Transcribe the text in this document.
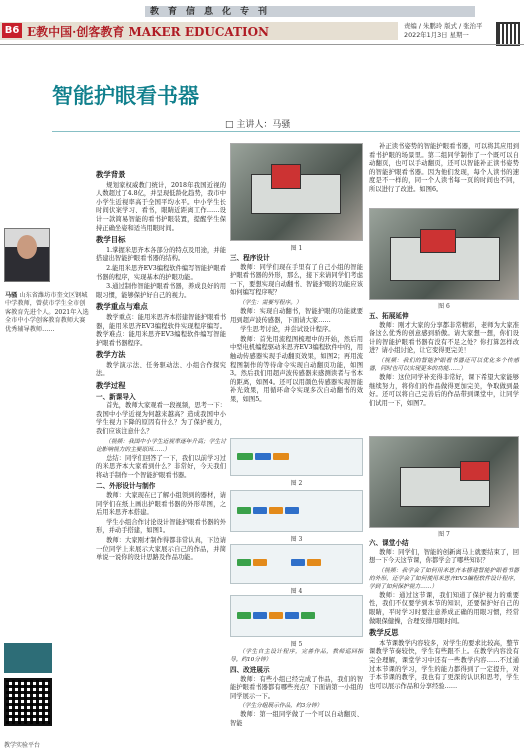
教育信息化专刊
B6 E教中国·创客教育 MAKER EDUCATION	责编 / 朱鹏玲 版式 / 张治平
2022年1月3日 星期一
智能护眼看书器
□ 主讲人：马骚
马骚 山东省潍坊市奎文区钢城中学教师，曾获市学生全市创客教育先进个人。2021年入选全市中小学创客教育教师大赛优秀辅导教师……
教学实验平台
教学背景

规划家权威教门统计，2018年我国近视的人数超过了4.8亿，并呈现低龄化趋势，我市中小学生近视率高于全国平均水平。中小学生长时间伏案学习、看书，眼睛近距离工作……设计一款简易智能的看书护眼装置，提醒学生保持正确坐姿和适当用眼时间。

教学目标

1.掌握米思齐本各部分的特点及用途，并能搭建出智能护眼看书器的结构。

2.能用米思齐EV3编程软件编写智能护眼看书器的程序，实现基本的护眼功能。

3.通过制作智能护眼看书器，养成良好的用眼习惯，能够保护好自己的视力。

教学重点与难点

教学重点：能用米思齐本搭建智能护眼看书器，能用米思齐EV3编程软件实现程序编写。教学难点：能用米思齐EV3编程软件编写智能护眼看书器程序。

教学方法

教学演示法、任务驱动法、小组合作探究法。

教学过程
一、新课导入

首先，教师大家观看一段视频，思考一下：我国中小学近视为何越来越高？造成我国中小学生视力下降的原因有什么？为了保护视力，我们应该注意什么？

（视频：我国中小学生近视率逐年升高；学生讨论影响视力的主要原因……）

总结：同学们回答了一下，我们以前学习过的米思齐本大家看到什么？非常好，今天我们将动手制作一个智能护眼看书器。

二、外形设计与制作

教师：大家现在已了解小组领到的器材，请同学们在纸上画出护眼看书器的外形草图，之后用米思齐本搭建。

学生小组合作讨论设计智能护眼看书器的外形，并动手搭建，如图1。

教师：大家刚才制作得都非常认真，下边请一位同学上来展示大家展示自己的作品，并简单说一说你的设计思路及作品功能。

图 1
三、程序设计

教师：同学们现在手里有了自己小组的智能护眼看书器的外形，那么，接下来请同学们考虑一下，要想实现自动翻书、智能护眼的功能应该如何编写程序呢？

（学生：需要写程序。）

教师：实现自动翻书，智能护眼的功能就要用到超声波传感器，下面请大家……

学生思考讨论，并尝试设计程序。

教师：首先用流程图梳理中的开始，然后用中型电机编程驱动米思齐EV3编程软件中的，用触动传感器实现手动翻页效果，如图2；再用流程图制作的等待命令实现自动翻页功能，如图3。然后我们用超声波传感器来感测读者与书本的距离，如图4。还可以用颜色传感器实现智能补光效果，用循环命令实现多次自动翻书的效果，如图5。

图 2
图 3
图 4
图 5

（学生自主设计程序，完善作品，教师巡回指导。约10分钟）

四、改进展示

教师：有些小组已经完成了作品，我们的智能护眼看书器都有哪些亮点？下面请第一小组的同学展示一下。

（学生分组展示作品，约3分钟）

教师：第一组同学做了一个可以自动翻页、智能

补正读书姿势的智能护眼看书器，可以将其应用到看书护眼的场景里。第二组同学制作了一个既可以自动翻页，也可以手动翻页，还可以智能补正读书姿势的智能护眼看书器。因为他们发现，每个人读书的速度是不一样的，同一个人读书每一页的时间也不同，所以进行了改进。如图6。

图 6
五、拓展延伸

教师：刚才大家的分享都非常精彩，老师为大家准备这么优秀的创意感到骄傲。请大家想一想，你们设计的智能护眼看书器有没有不足之处？你打算怎样改进？请小组讨论，让它变得更完美！

（视频：我们的智能护眼看书器还可以优化多个传感器，同时也可以实现更多的功能……）

教师：这位同学补充得非常好，课下希望大家能够继续努力，将你们的作品做得更加完美，争取做到最好。还可以将自己完善后的作品带到课堂中，让同学们试用一下，如图7。

图 7
六、课堂小结

教师：同学们，智能的创新离马上就要结束了，回想一下今天这节课，你都学会了哪些知识？

（视频：我学会了如何用米思齐本搭建智能护眼看书器的外形，还学会了如何使用米思齐EV3编程软件设计程序，学到了如何保护视力……）

教师：通过这节课，我们知道了保护视力的重要性，我们不仅要学到本节的知识，还要保护好自己的眼睛，平时学习时要注意养成正确的用眼习惯，经常做眼保健操，合理安排用眼时间。

教学反思

本节课教学内容较多，对学生的要求比较高，整节课教学节奏较快，学生有些跟不上。在教学内容没有完全理解，课堂学习中还有一些教学内容……不过通过本节课的学习，学生的能力都得到了一定提升，对于本节课的教学，我也有了更深的认识和思考，学生也可以展示作品和分享经验……
